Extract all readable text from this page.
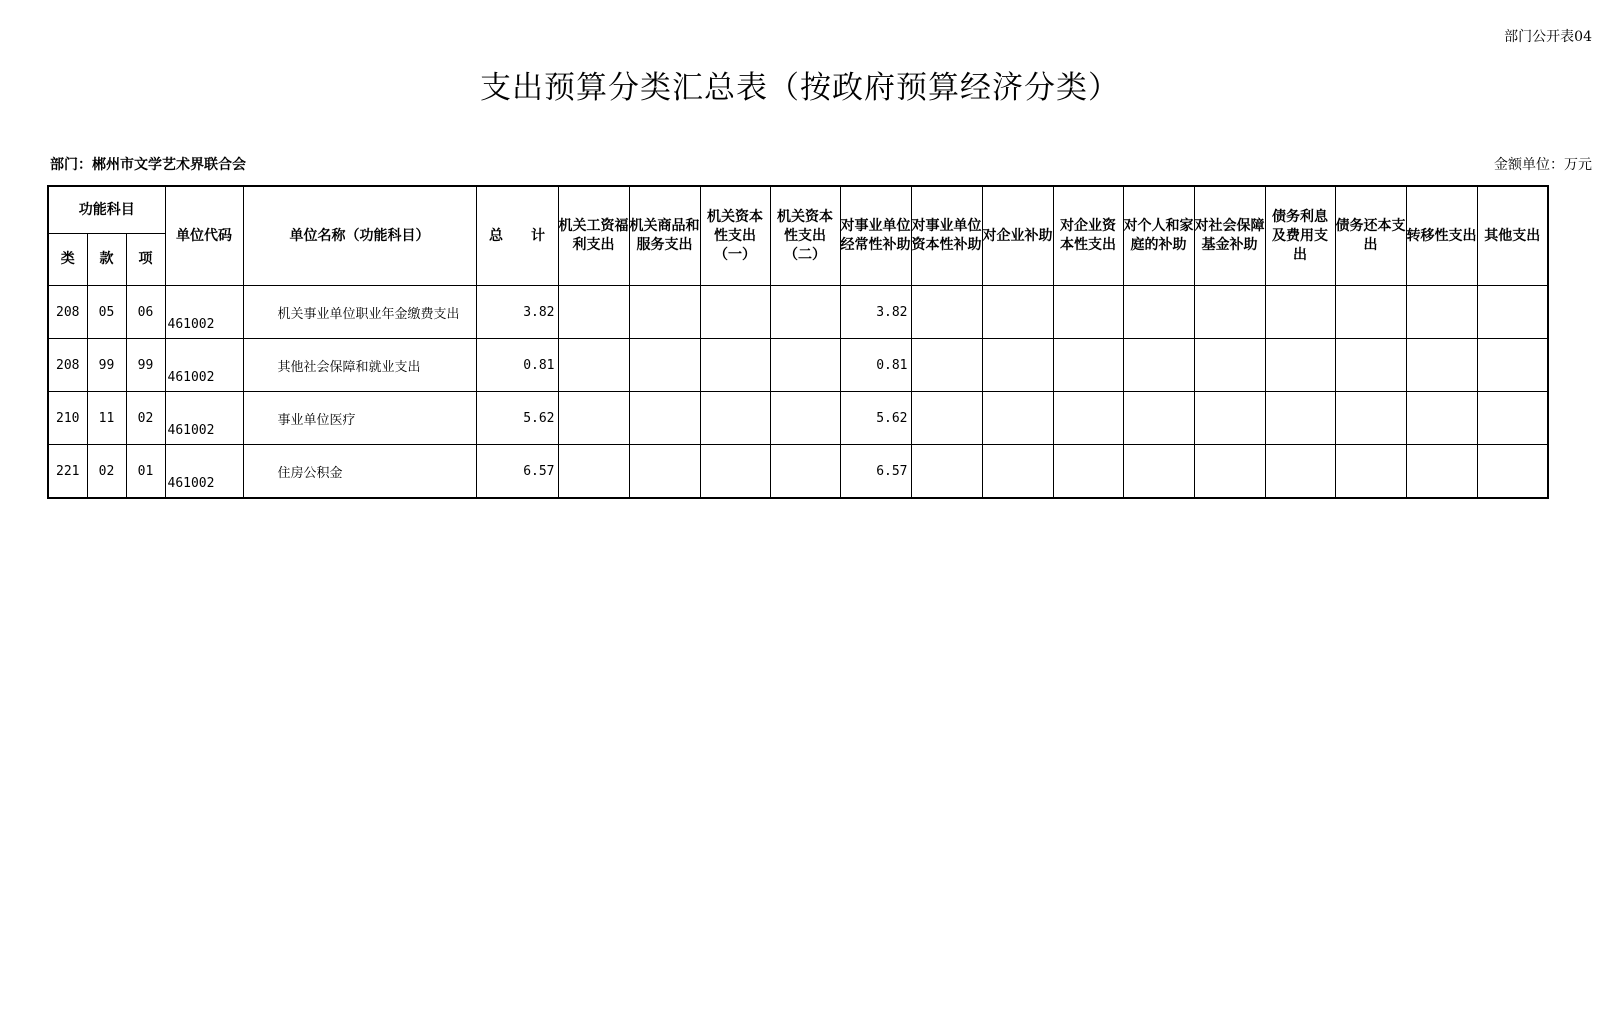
部门公开表04
支出预算分类汇总表（按政府预算经济分类）
部门：郴州市文学艺术界联合会	金额单位：万元
功能科目			单位代码	单位名称（功能科目）	总　　计	机关工资福利支出	机关商品和服务支出	机关资本性支出（一）	机关资本性支出（二）	对事业单位经常性补助	对事业单位资本性补助	对企业补助	对企业资本性支出	对个人和家庭的补助	对社会保障基金补助	债务利息及费用支出	债务还本支出	转移性支出	其他支出
类	款	项																	
208	05	06	461002	机关事业单位职业年金缴费支出	3.82					3.82									
208	99	99	461002	其他社会保障和就业支出	0.81					0.81									
210	11	02	461002	事业单位医疗	5.62					5.62									
221	02	01	461002	住房公积金	6.57					6.57									
